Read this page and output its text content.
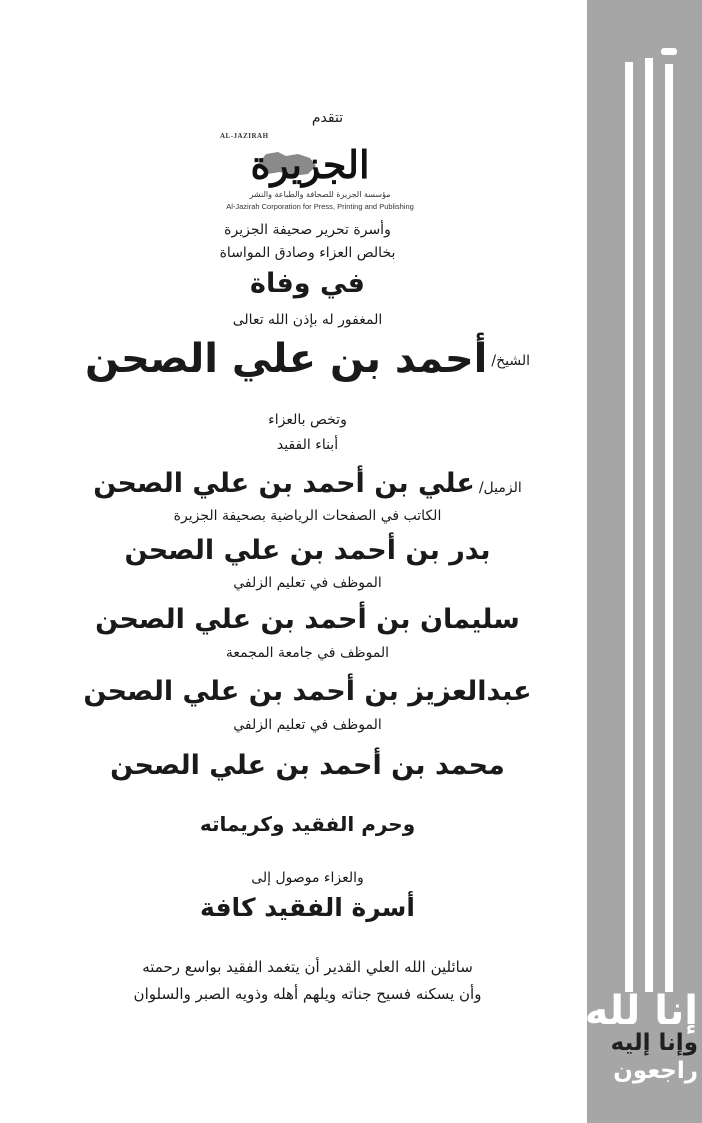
إنا لله
وإنا إليه
راجعون
تتقدم
AL-JAZIRAH
الجزيرة
مؤسسة الجزيرة للصحافة والطباعة والنشر
Al-Jazirah Corporation for Press, Printing and Publishing
وأسرة تحرير صحيفة الجزيرة
بخالص العزاء وصادق المواساة
في وفاة
المغفور له بإذن الله تعالى
الشيخ/أحمد بن علي الصحن
وتخص بالعزاء
أبناء الفقيد
الزميل/علي بن أحمد بن علي الصحن
الكاتب في الصفحات الرياضية بصحيفة الجزيرة
بدر بن أحمد بن علي الصحن
الموظف في تعليم الزلفي
سليمان بن أحمد بن علي الصحن
الموظف في جامعة المجمعة
عبدالعزيز بن أحمد بن علي الصحن
الموظف في تعليم الزلفي
محمد بن أحمد بن علي الصحن
وحرم الفقيد وكريماته
والعزاء موصول إلى
أسرة الفقيد كافة
سائلين الله العلي القدير أن يتغمد الفقيد بواسع رحمته
وأن يسكنه فسيح جناته ويلهم أهله وذويه الصبر والسلوان
